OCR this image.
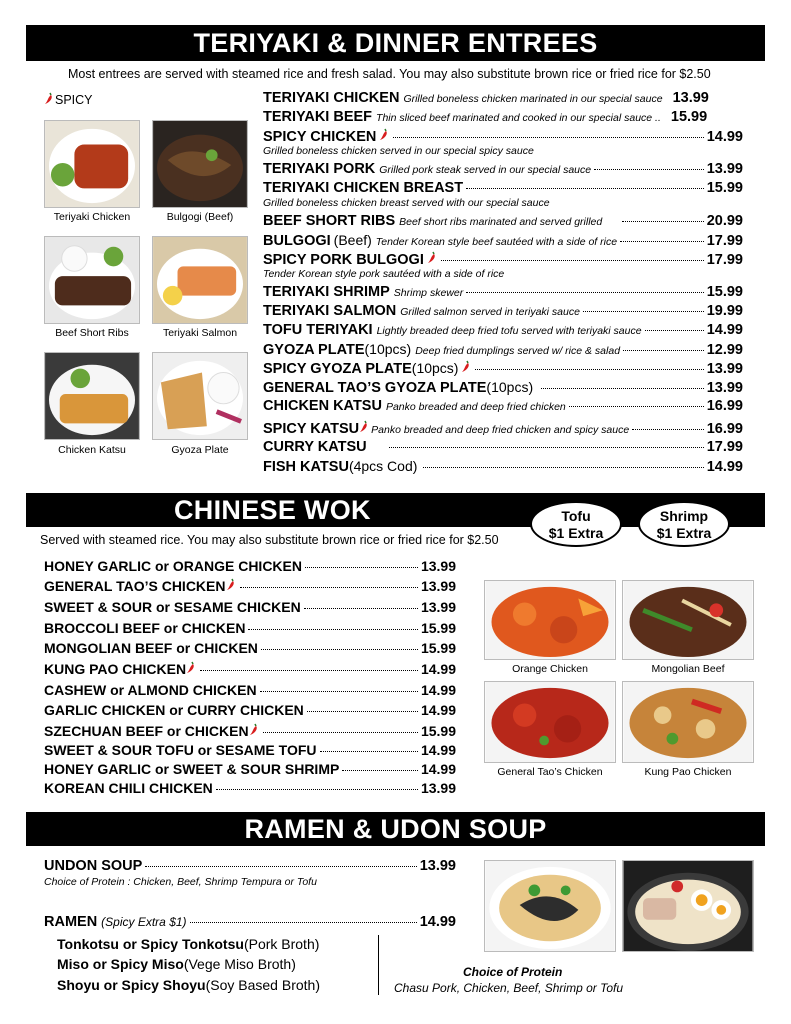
TERIYAKI & DINNER ENTREES
Most entrees are served with steamed rice and fresh salad. You may also substitute brown rice or fried rice for $2.50
SPICY
Teriyaki Chicken	Bulgogi (Beef)
Beef Short Ribs	Teriyaki Salmon
Chicken Katsu	Gyoza Plate
TERIYAKI CHICKEN Grilled boneless chicken marinated in our special sauce 13.99
TERIYAKI BEEF Thin sliced beef marinated and cooked in our special sauce .. 15.99
SPICY CHICKEN	14.99
Grilled boneless chicken served in our special spicy sauce
TERIYAKI PORK Grilled pork steak served in our special sauce	13.99
TERIYAKI CHICKEN BREAST	15.99
Grilled boneless chicken breast served with our special sauce
BEEF SHORT RIBS Beef short ribs marinated and served grilled	20.99
BULGOGI (Beef) Tender Korean style beef sautéed with a side of rice	17.99
SPICY PORK BULGOGI	17.99
Tender Korean style pork sautéed with a side of rice
TERIYAKI SHRIMP Shrimp skewer	15.99
TERIYAKI SALMON Grilled salmon served in teriyaki sauce	19.99
TOFU TERIYAKI Lightly breaded deep fried tofu served with teriyaki sauce	14.99
GYOZA PLATE (10pcs) Deep fried dumplings served w/ rice & salad	12.99
SPICY GYOZA PLATE (10pcs)	13.99
GENERAL TAO’S GYOZA PLATE (10pcs)	13.99
CHICKEN KATSU Panko breaded and deep fried chicken	16.99
SPICY KATSU Panko breaded and deep fried chicken and spicy sauce	16.99
CURRY KATSU	17.99
FISH KATSU (4pcs Cod)	14.99
CHINESE WOK	Tofu
$1 Extra
Shrimp
$1 Extra
Served with steamed rice. You may also substitute brown rice or fried rice for $2.50
HONEY GARLIC or ORANGE CHICKEN	13.99
GENERAL TAO’S CHICKEN	13.99
SWEET & SOUR or SESAME CHICKEN	13.99
BROCCOLI BEEF or CHICKEN	15.99
MONGOLIAN BEEF or CHICKEN	15.99
KUNG PAO CHICKEN	14.99
CASHEW or ALMOND CHICKEN	14.99
GARLIC CHICKEN or CURRY CHICKEN	14.99
SZECHUAN BEEF or CHICKEN	15.99
SWEET & SOUR TOFU or SESAME TOFU	14.99
HONEY GARLIC or SWEET & SOUR SHRIMP	14.99
KOREAN CHILI CHICKEN	13.99
Orange Chicken	Mongolian Beef
General Tao’s Chicken	Kung Pao Chicken
RAMEN & UDON SOUP
UNDON SOUP	13.99
Choice of Protein : Chicken, Beef, Shrimp Tempura or Tofu
RAMEN (Spicy Extra $1)	14.99
Tonkotsu or Spicy Tonkotsu(Pork Broth)
Miso or Spicy Miso(Vege Miso Broth)
Shoyu or Spicy Shoyu(Soy Based Broth)
Choice of Protein
Chasu Pork, Chicken, Beef, Shrimp or Tofu
